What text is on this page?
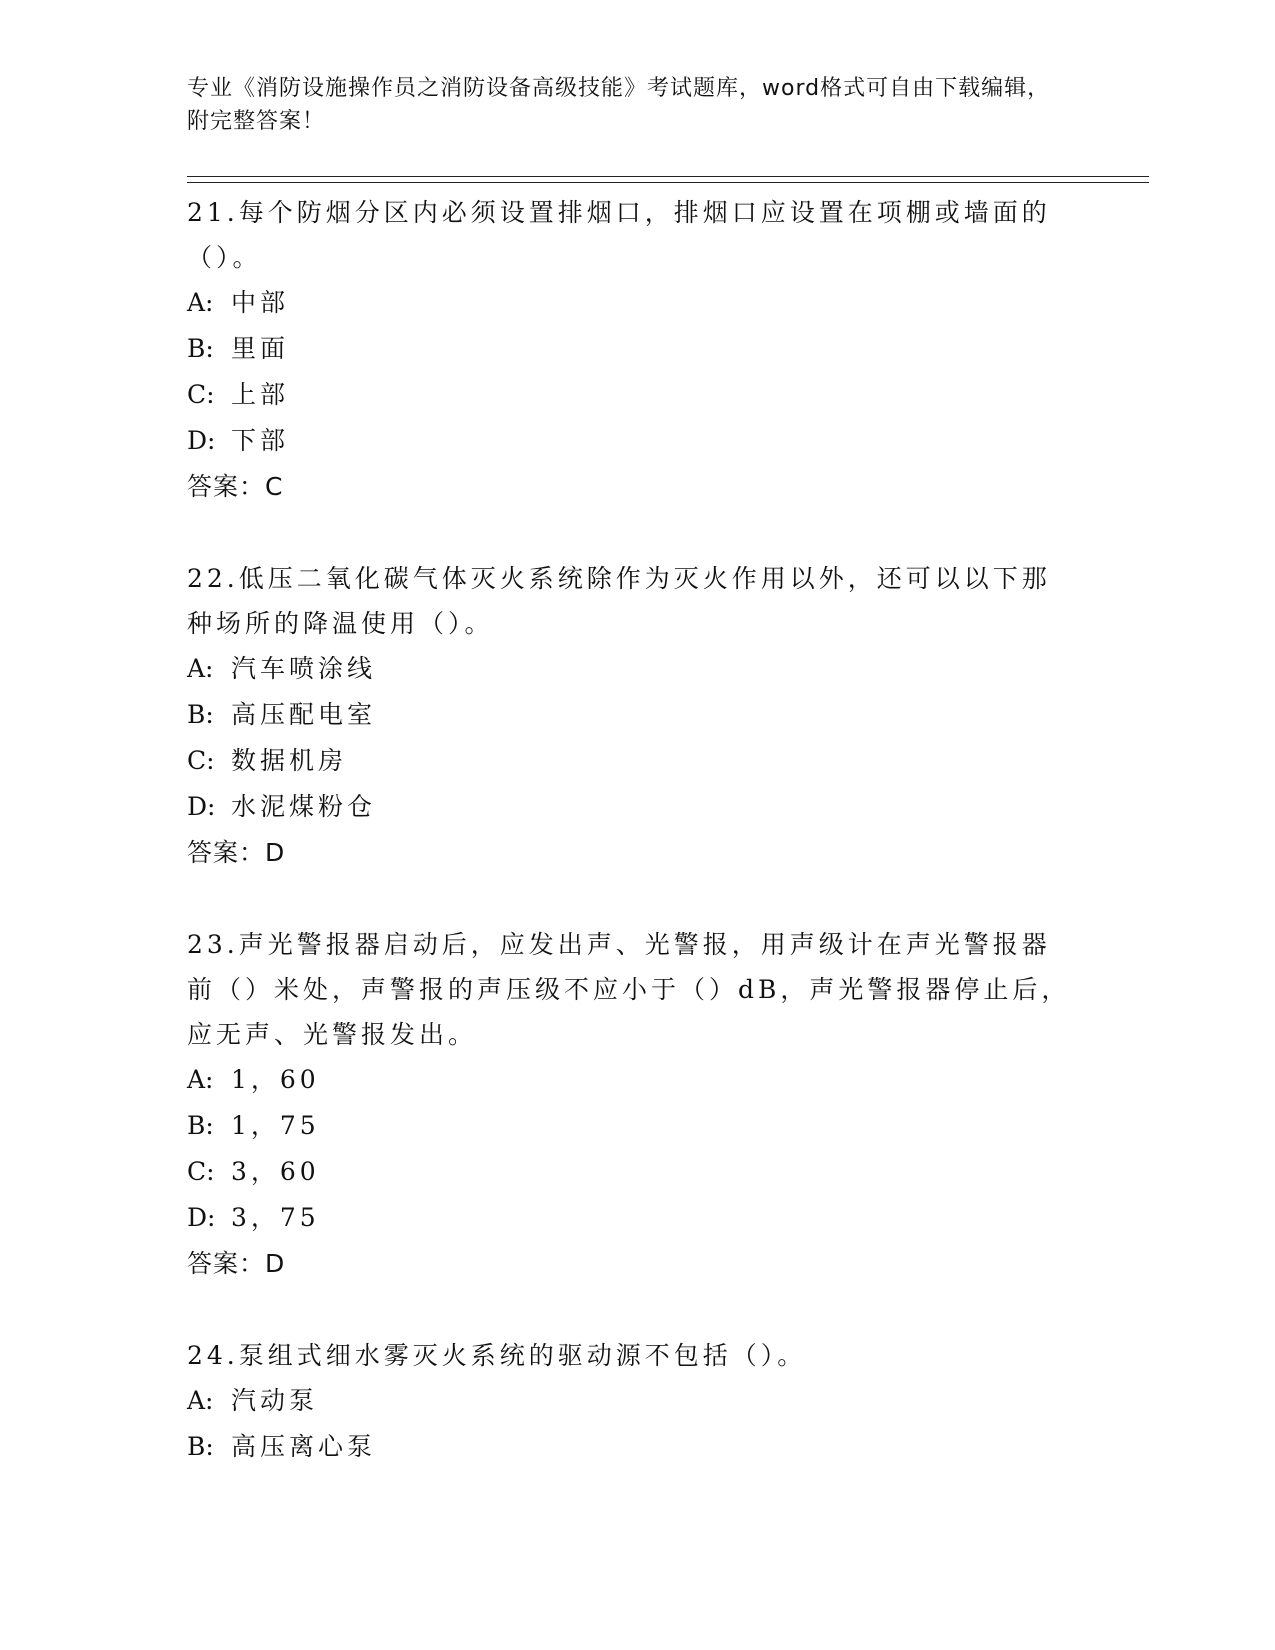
专业《消防设施操作员之消防设备高级技能》考试题库，word格式可自由下载编辑，附完整答案！

21.每个防烟分区内必须设置排烟口，排烟口应设置在项棚或墙面的（）。

A: 中部

B: 里面

C: 上部

D: 下部

答案：C

22.低压二氧化碳气体灭火系统除作为灭火作用以外，还可以以下那种场所的降温使用（）。

A: 汽车喷涂线

B: 高压配电室

C: 数据机房

D: 水泥煤粉仓

答案：D

23.声光警报器启动后，应发出声、光警报，用声级计在声光警报器前（）米处，声警报的声压级不应小于（）dB，声光警报器停止后，应无声、光警报发出。

A: 1，60

B: 1，75

C: 3，60

D: 3，75

答案：D

24.泵组式细水雾灭火系统的驱动源不包括（）。

A: 汽动泵

B: 高压离心泵
